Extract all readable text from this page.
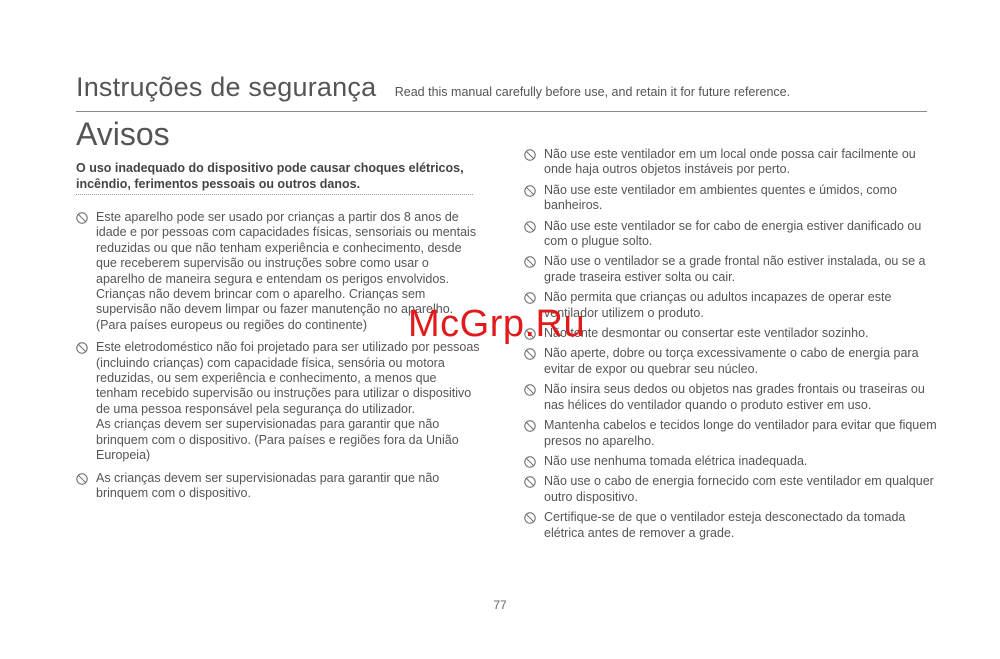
Instruções de segurança Read this manual carefully before use, and retain it for future reference.
Avisos
O uso inadequado do dispositivo pode causar choques elétricos, incêndio, ferimentos pessoais ou outros danos.
Este aparelho pode ser usado por crianças a partir dos 8 anos de idade e por pessoas com capacidades físicas, sensoriais ou mentais reduzidas ou que não tenham experiência e conhecimento, desde que receberem supervisão ou instruções sobre como usar o aparelho de maneira segura e entendam os perigos envolvidos. Crianças não devem brincar com o aparelho. Crianças sem supervisão não devem limpar ou fazer manutenção no aparelho. (Para países europeus ou regiões do continente)
Este eletrodoméstico não foi projetado para ser utilizado por pessoas (incluindo crianças) com capacidade física, sensória ou motora reduzidas, ou sem experiência e conhecimento, a menos que tenham recebido supervisão ou instruções para utilizar o dispositivo de uma pessoa responsável pela segurança do utilizador.
As crianças devem ser supervisionadas para garantir que não brinquem com o dispositivo. (Para países e regiões fora da União Europeia)
As crianças devem ser supervisionadas para garantir que não brinquem com o dispositivo.
Não use este ventilador em um local onde possa cair facilmente ou onde haja outros objetos instáveis por perto.
Não use este ventilador em ambientes quentes e úmidos, como banheiros.
Não use este ventilador se for cabo de energia estiver danificado ou com o plugue solto.
Não use o ventilador se a grade frontal não estiver instalada, ou se a grade traseira estiver solta ou cair.
Não permita que crianças ou adultos incapazes de operar este ventilador utilizem o produto.
Não tente desmontar ou consertar este ventilador sozinho.
Não aperte, dobre ou torça excessivamente o cabo de energia para evitar de expor ou quebrar seu núcleo.
Não insira seus dedos ou objetos nas grades frontais ou traseiras ou nas hélices do ventilador quando o produto estiver em uso.
Mantenha cabelos e tecidos longe do ventilador para evitar que fiquem presos no aparelho.
Não use nenhuma tomada elétrica inadequada.
Não use o cabo de energia fornecido com este ventilador em qualquer outro dispositivo.
Certifique-se de que o ventilador esteja desconectado da tomada elétrica antes de remover a grade.
McGrp.Ru
77
